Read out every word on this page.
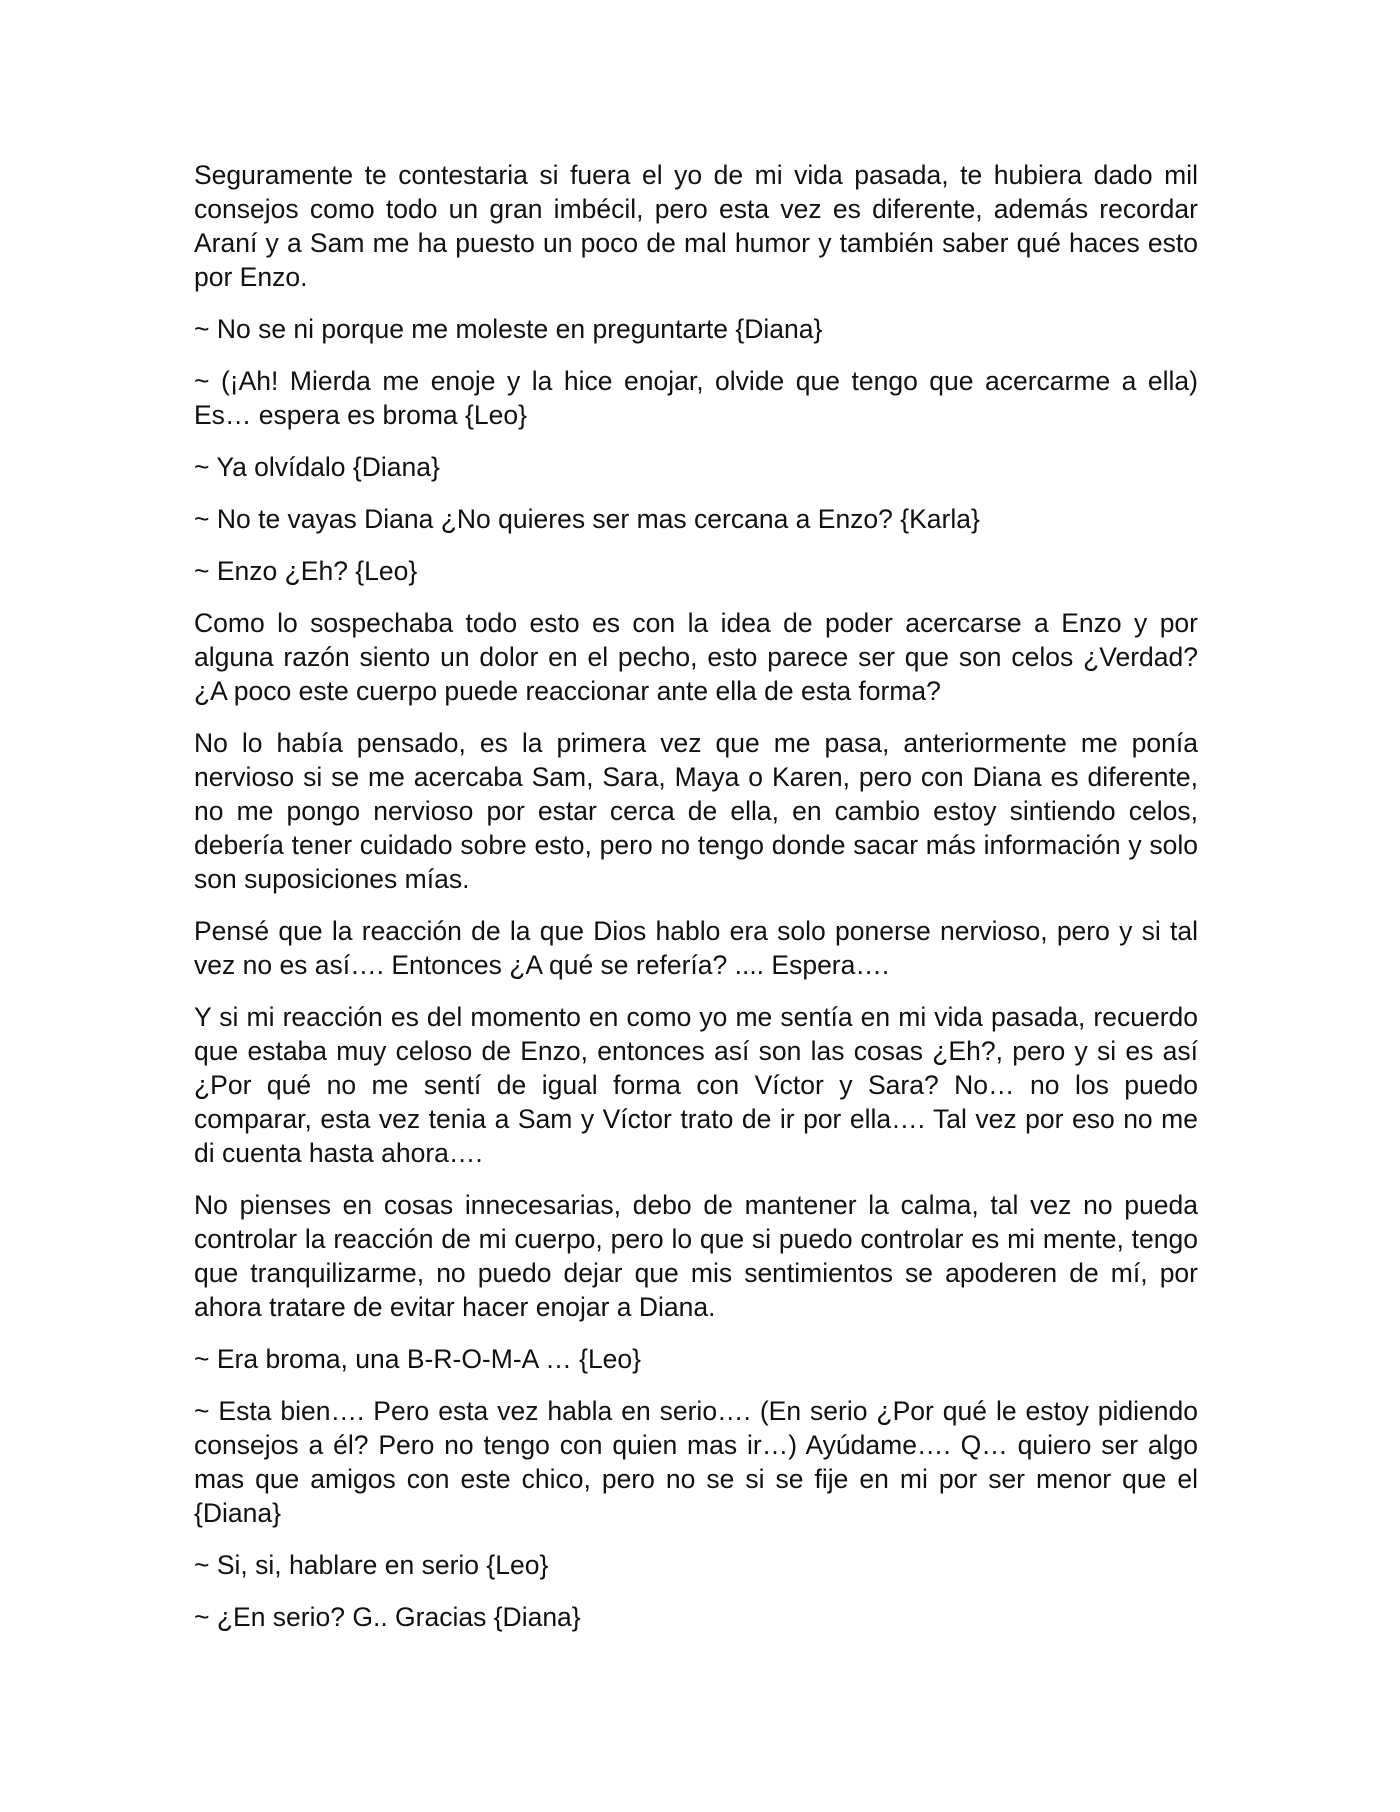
Seguramente te contestaria si fuera el yo de mi vida pasada, te hubiera dado mil consejos como todo un gran imbécil, pero esta vez es diferente, además recordar Araní y a Sam me ha puesto un poco de mal humor y también saber qué haces esto por Enzo.

~ No se ni porque me moleste en preguntarte {Diana}

~ (¡Ah! Mierda me enoje y la hice enojar, olvide que tengo que acercarme a ella) Es… espera es broma {Leo}

~ Ya olvídalo {Diana}

~ No te vayas Diana ¿No quieres ser mas cercana a Enzo? {Karla}

~ Enzo ¿Eh? {Leo}

Como lo sospechaba todo esto es con la idea de poder acercarse a Enzo y por alguna razón siento un dolor en el pecho, esto parece ser que son celos ¿Verdad? ¿A poco este cuerpo puede reaccionar ante ella de esta forma?

No lo había pensado, es la primera vez que me pasa, anteriormente me ponía nervioso si se me acercaba Sam, Sara, Maya o Karen, pero con Diana es diferente, no me pongo nervioso por estar cerca de ella, en cambio estoy sintiendo celos, debería tener cuidado sobre esto, pero no tengo donde sacar más información y solo son suposiciones mías.

Pensé que la reacción de la que Dios hablo era solo ponerse nervioso, pero y si tal vez no es así…. Entonces ¿A qué se refería? .... Espera….

Y si mi reacción es del momento en como yo me sentía en mi vida pasada, recuerdo que estaba muy celoso de Enzo, entonces así son las cosas ¿Eh?, pero y si es así ¿Por qué no me sentí de igual forma con Víctor y Sara? No… no los puedo comparar, esta vez tenia a Sam y Víctor trato de ir por ella…. Tal vez por eso no me di cuenta hasta ahora….

No pienses en cosas innecesarias, debo de mantener la calma, tal vez no pueda controlar la reacción de mi cuerpo, pero lo que si puedo controlar es mi mente, tengo que tranquilizarme, no puedo dejar que mis sentimientos se apoderen de mí, por ahora tratare de evitar hacer enojar a Diana.

~ Era broma, una B-R-O-M-A … {Leo}

~ Esta bien…. Pero esta vez habla en serio…. (En serio ¿Por qué le estoy pidiendo consejos a él? Pero no tengo con quien mas ir…) Ayúdame…. Q… quiero ser algo mas que amigos con este chico, pero no se si se fije en mi por ser menor que el {Diana}

~ Si, si, hablare en serio {Leo}

~ ¿En serio? G.. Gracias {Diana}
